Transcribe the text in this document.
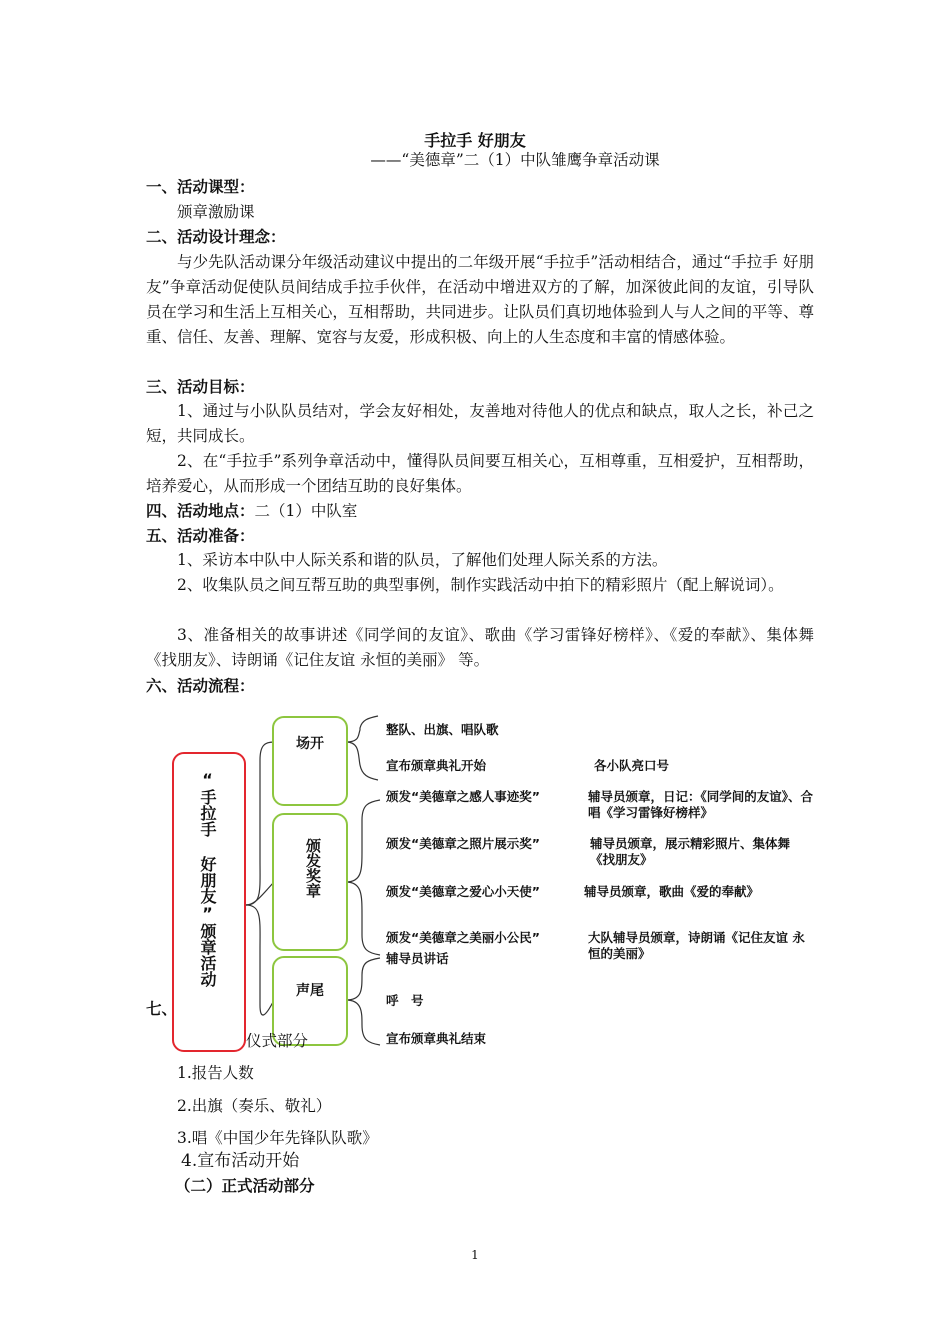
手拉手 好朋友
——“美德章”二（1）中队雏鹰争章活动课
一、活动课型：
颁章激励课
二、活动设计理念：
与少先队活动课分年级活动建议中提出的二年级开展“手拉手”活动相结合，通过“手拉手 好朋友”争章活动促使队员间结成手拉手伙伴，在活动中增进双方的了解，加深彼此间的友谊，引导队员在学习和生活上互相关心，互相帮助，共同进步。让队员们真切地体验到人与人之间的平等、尊重、信任、友善、理解、宽容与友爱，形成积极、向上的人生态度和丰富的情感体验。
三、活动目标：
1、通过与小队队员结对，学会友好相处，友善地对待他人的优点和缺点，取人之长，补己之短，共同成长。
2、在“手拉手”系列争章活动中，懂得队员间要互相关心，互相尊重，互相爱护，互相帮助，培养爱心，从而形成一个团结互助的良好集体。
四、活动地点：二（1）中队室
五、活动准备：
1、采访本中队中人际关系和谐的队员，了解他们处理人际关系的方法。
2、收集队员之间互帮互助的典型事例，制作实践活动中拍下的精彩照片（配上解说词）。
3、准备相关的故事讲述《同学间的友谊》、歌曲《学习雷锋好榜样》、《爱的奉献》、集体舞《找朋友》、诗朗诵《记住友谊 永恒的美丽》 等。
六、活动流程：
“手拉手 好朋友”颁章活动
场开
颁发奖章
声尾
整队、出旗、唱队歌
宣布颁章典礼开始	各小队亮口号
颁发“美德章之感人事迹奖”	辅导员颁章，日记：《同学间的友谊》、合唱《学习雷锋好榜样》
颁发“美德章之照片展示奖”	辅导员颁章，展示精彩照片、集体舞《找朋友》
颁发“美德章之爱心小天使”	辅导员颁章，歌曲《爱的奉献》
颁发“美德章之美丽小公民”	大队辅导员颁章，诗朗诵《记住友谊 永恒的美丽》
辅导员讲话
呼　号
宣布颁章典礼结束
七、
仪式部分
1.报告人数
2.出旗（奏乐、敬礼）
3.唱《中国少年先锋队队歌》
4.宣布活动开始
（二）正式活动部分
1
